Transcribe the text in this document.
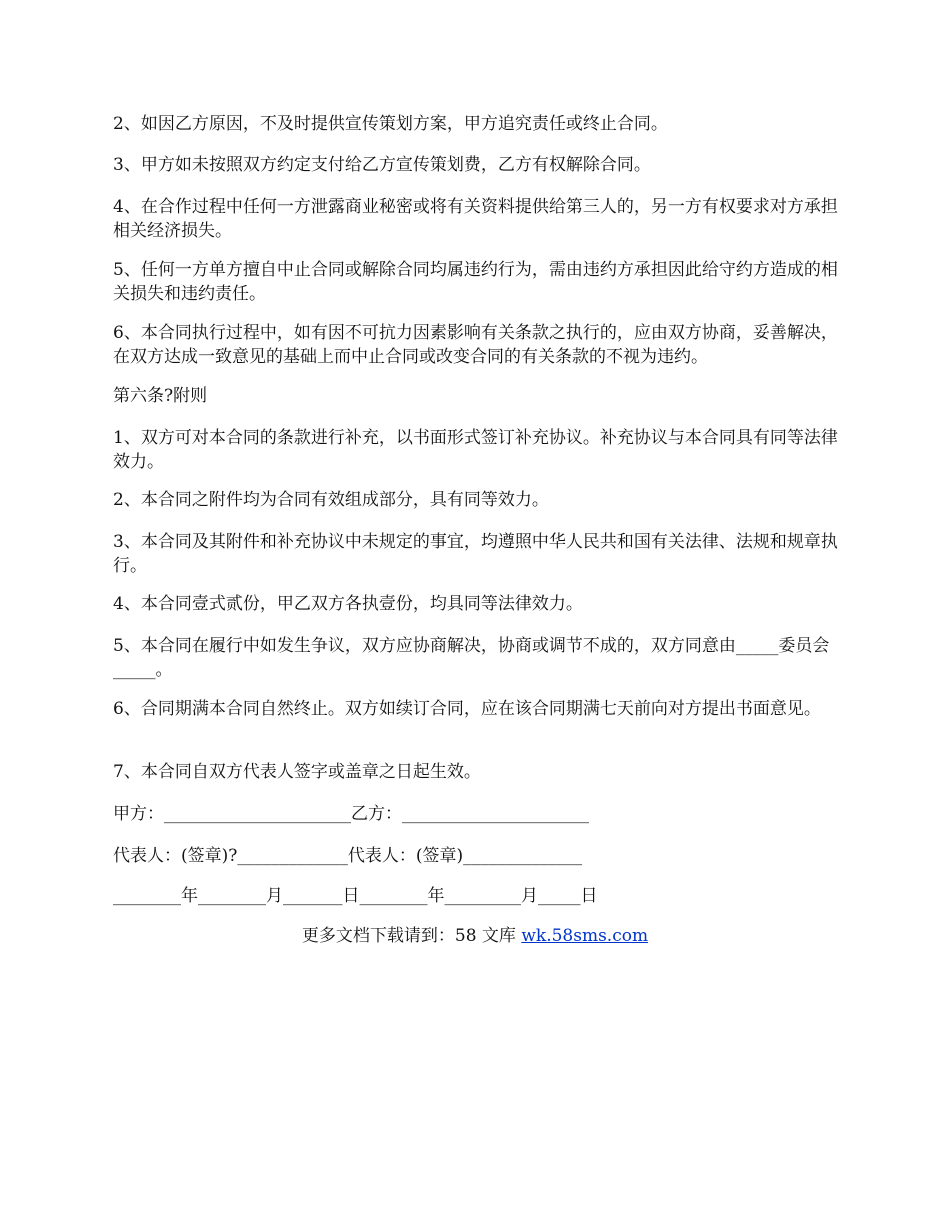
2、如因乙方原因，不及时提供宣传策划方案，甲方追究责任或终止合同。

3、甲方如未按照双方约定支付给乙方宣传策划费，乙方有权解除合同。

4、在合作过程中任何一方泄露商业秘密或将有关资料提供给第三人的，另一方有权要求对方承担相关经济损失。

5、任何一方单方擅自中止合同或解除合同均属违约行为，需由违约方承担因此给守约方造成的相关损失和违约责任。

6、本合同执行过程中，如有因不可抗力因素影响有关条款之执行的，应由双方协商，妥善解决，在双方达成一致意见的基础上而中止合同或改变合同的有关条款的不视为违约。

第六条?附则

1、双方可对本合同的条款进行补充，以书面形式签订补充协议。补充协议与本合同具有同等法律效力。

2、本合同之附件均为合同有效组成部分，具有同等效力。

3、本合同及其附件和补充协议中未规定的事宜，均遵照中华人民共和国有关法律、法规和规章执行。

4、本合同壹式贰份，甲乙双方各执壹份，均具同等法律效力。

5、本合同在履行中如发生争议，双方应协商解决，协商或调节不成的，双方同意由_____委员会_____。

6、合同期满本合同自然终止。双方如续订合同，应在该合同期满七天前向对方提出书面意见。

7、本合同自双方代表人签字或盖章之日起生效。

甲方：______________________乙方：______________________

代表人：(签章)?_____________代表人：(签章)______________

________年________月_______日________年_________月_____日

更多文档下载请到：58 文库 wk.58sms.com
